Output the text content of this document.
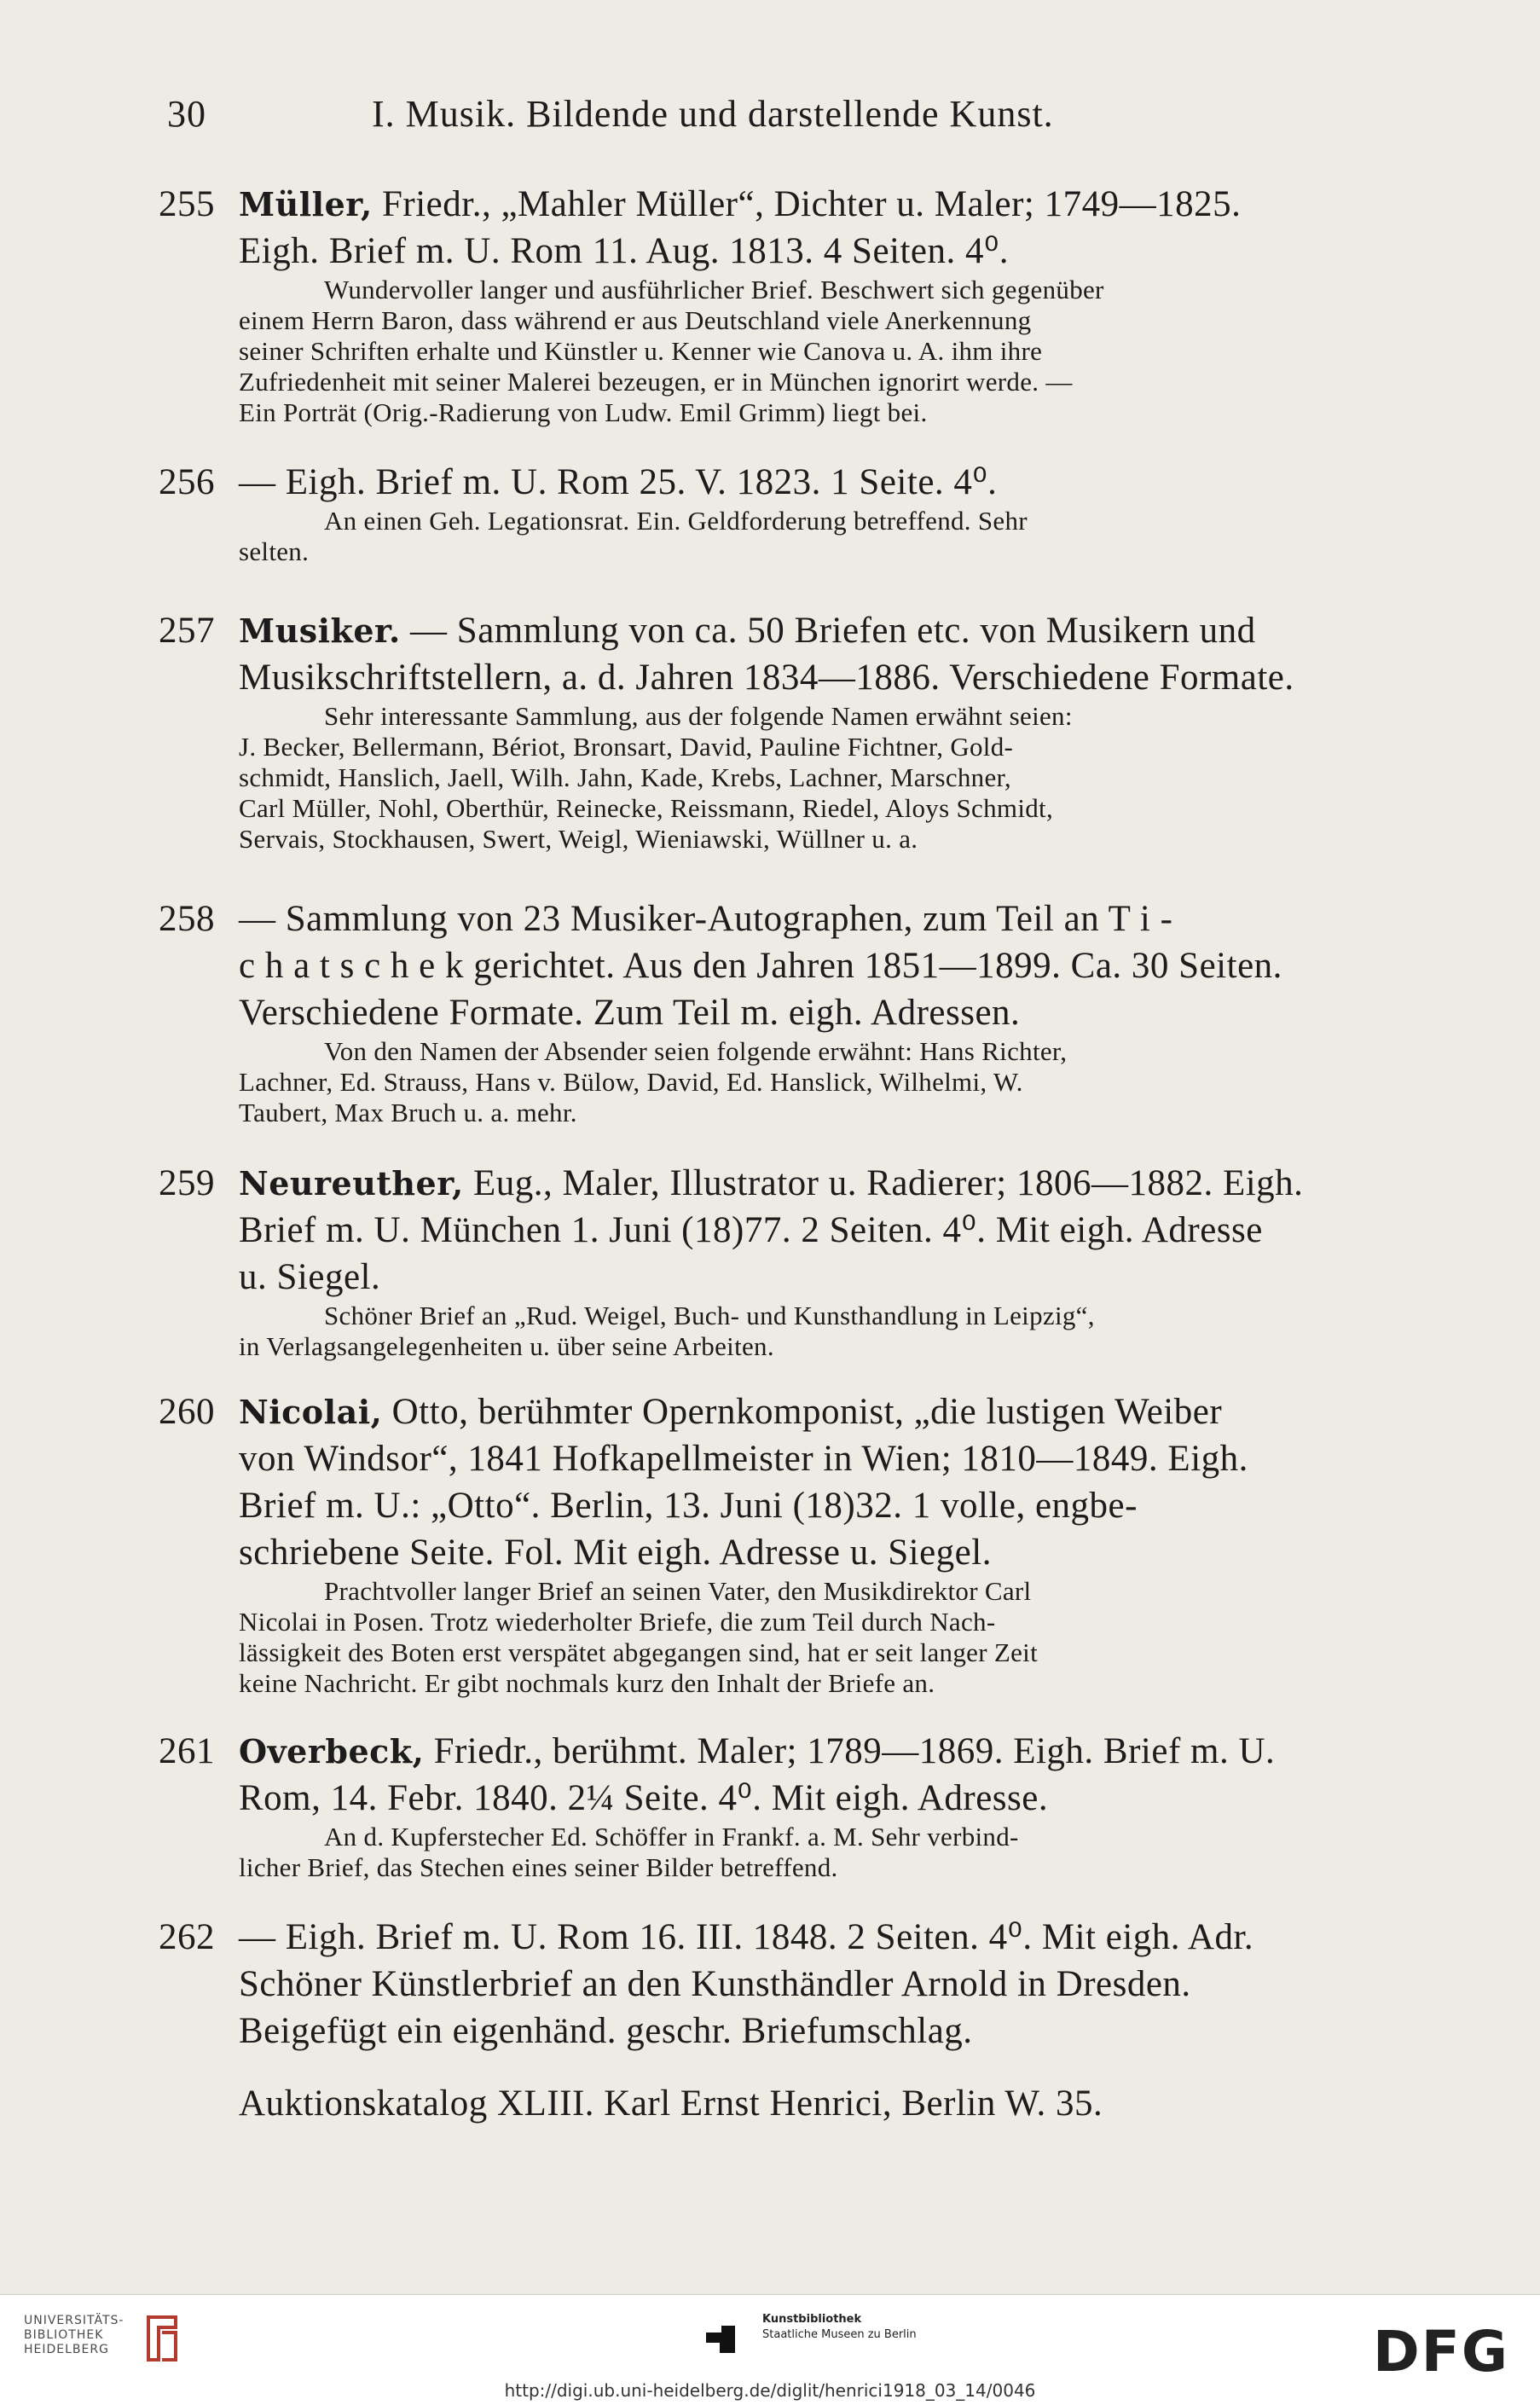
30	I. Musik. Bildende und darstellende Kunst.
255 Müller, Friedr., „Mahler Müller“, Dichter u. Maler; 1749—1825.
Eigh. Brief m. U. Rom 11. Aug. 1813. 4 Seiten. 4⁰.
Wundervoller langer und ausführlicher Brief. Beschwert sich gegenüber
einem Herrn Baron, dass während er aus Deutschland viele Anerkennung
seiner Schriften erhalte und Künstler u. Kenner wie Canova u. A. ihm ihre
Zufriedenheit mit seiner Malerei bezeugen, er in München ignorirt werde. —
Ein Porträt (Orig.-Radierung von Ludw. Emil Grimm) liegt bei.
256 — Eigh. Brief m. U. Rom 25. V. 1823. 1 Seite. 4⁰.
An einen Geh. Legationsrat. Ein. Geldforderung betreffend. Sehr
selten.
257 Musiker. — Sammlung von ca. 50 Briefen etc. von Musikern und
Musikschriftstellern, a. d. Jahren 1834—1886. Verschiedene Formate.
Sehr interessante Sammlung, aus der folgende Namen erwähnt seien:
J. Becker, Bellermann, Bériot, Bronsart, David, Pauline Fichtner, Gold-
schmidt, Hanslich, Jaell, Wilh. Jahn, Kade, Krebs, Lachner, Marschner,
Carl Müller, Nohl, Oberthür, Reinecke, Reissmann, Riedel, Aloys Schmidt,
Servais, Stockhausen, Swert, Weigl, Wieniawski, Wüllner u. a.
258 — Sammlung von 23 Musiker-Autographen, zum Teil an T i -
c h a t s c h e k gerichtet. Aus den Jahren 1851—1899. Ca. 30 Seiten.
Verschiedene Formate. Zum Teil m. eigh. Adressen.
Von den Namen der Absender seien folgende erwähnt: Hans Richter,
Lachner, Ed. Strauss, Hans v. Bülow, David, Ed. Hanslick, Wilhelmi, W.
Taubert, Max Bruch u. a. mehr.
259 Neureuther, Eug., Maler, Illustrator u. Radierer; 1806—1882. Eigh.
Brief m. U. München 1. Juni (18)77. 2 Seiten. 4⁰. Mit eigh. Adresse
u. Siegel.
Schöner Brief an „Rud. Weigel, Buch- und Kunsthandlung in Leipzig“,
in Verlagsangelegenheiten u. über seine Arbeiten.
260 Nicolai, Otto, berühmter Opernkomponist, „die lustigen Weiber
von Windsor“, 1841 Hofkapellmeister in Wien; 1810—1849. Eigh.
Brief m. U.: „Otto“. Berlin, 13. Juni (18)32. 1 volle, engbe-
schriebene Seite. Fol. Mit eigh. Adresse u. Siegel.
Prachtvoller langer Brief an seinen Vater, den Musikdirektor Carl
Nicolai in Posen. Trotz wiederholter Briefe, die zum Teil durch Nach-
lässigkeit des Boten erst verspätet abgegangen sind, hat er seit langer Zeit
keine Nachricht. Er gibt nochmals kurz den Inhalt der Briefe an.
261 Overbeck, Friedr., berühmt. Maler; 1789—1869. Eigh. Brief m. U.
Rom, 14. Febr. 1840. 2¼ Seite. 4⁰. Mit eigh. Adresse.
An d. Kupferstecher Ed. Schöffer in Frankf. a. M. Sehr verbind-
licher Brief, das Stechen eines seiner Bilder betreffend.
262 — Eigh. Brief m. U. Rom 16. III. 1848. 2 Seiten. 4⁰. Mit eigh. Adr.
Schöner Künstlerbrief an den Kunsthändler Arnold in Dresden.
Beigefügt ein eigenhänd. geschr. Briefumschlag.
Auktionskatalog XLIII. Karl Ernst Henrici, Berlin W. 35.
UNIVERSITÄTS-
BIBLIOTHEK
HEIDELBERG
Kunstbibliothek
Staatliche Museen zu Berlin	DFG
http://digi.ub.uni-heidelberg.de/diglit/henrici1918_03_14/0046
